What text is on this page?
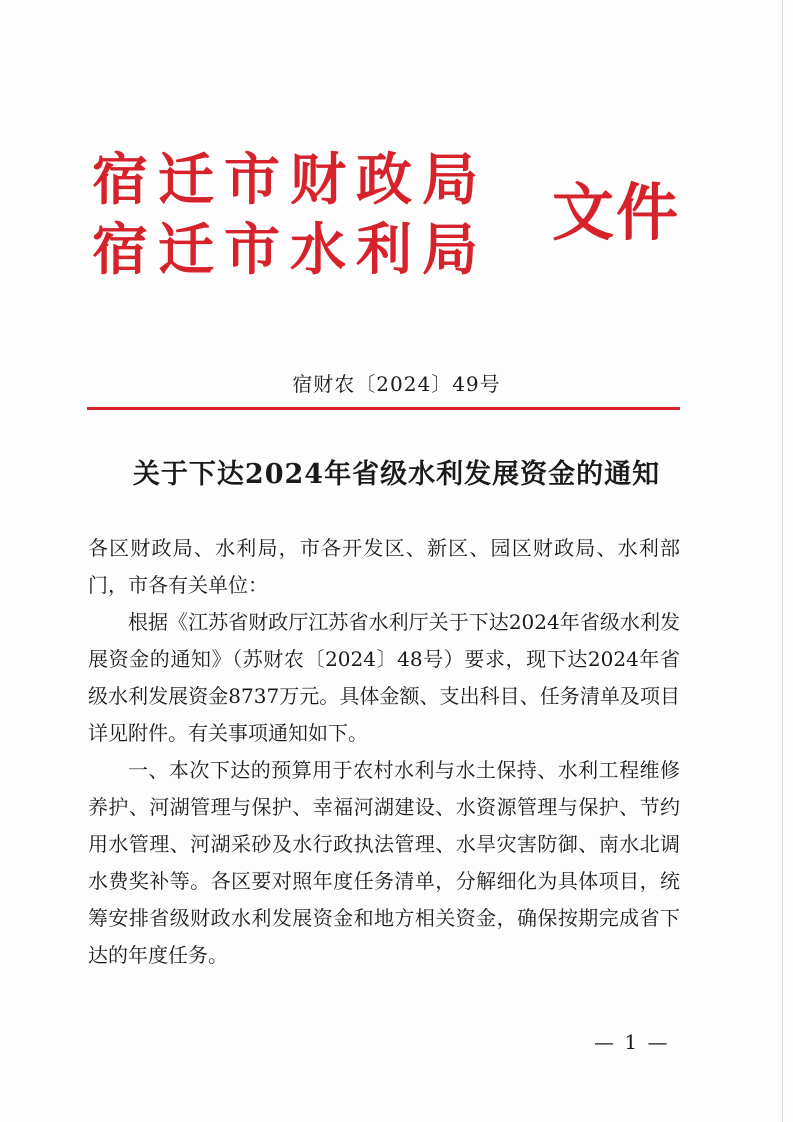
宿迁市财政局
宿迁市水利局
文件
宿财农〔2024〕49号
关于下达2024年省级水利发展资金的通知

各区财政局、水利局，市各开发区、新区、园区财政局、水利部门，市各有关单位：

根据《江苏省财政厅江苏省水利厅关于下达2024年省级水利发展资金的通知》（苏财农〔2024〕48号）要求，现下达2024年省级水利发展资金8737万元。具体金额、支出科目、任务清单及项目详见附件。有关事项通知如下。

一、本次下达的预算用于农村水利与水土保持、水利工程维修养护、河湖管理与保护、幸福河湖建设、水资源管理与保护、节约用水管理、河湖采砂及水行政执法管理、水旱灾害防御、南水北调水费奖补等。各区要对照年度任务清单，分解细化为具体项目，统筹安排省级财政水利发展资金和地方相关资金，确保按期完成省下达的年度任务。

— 1 —
